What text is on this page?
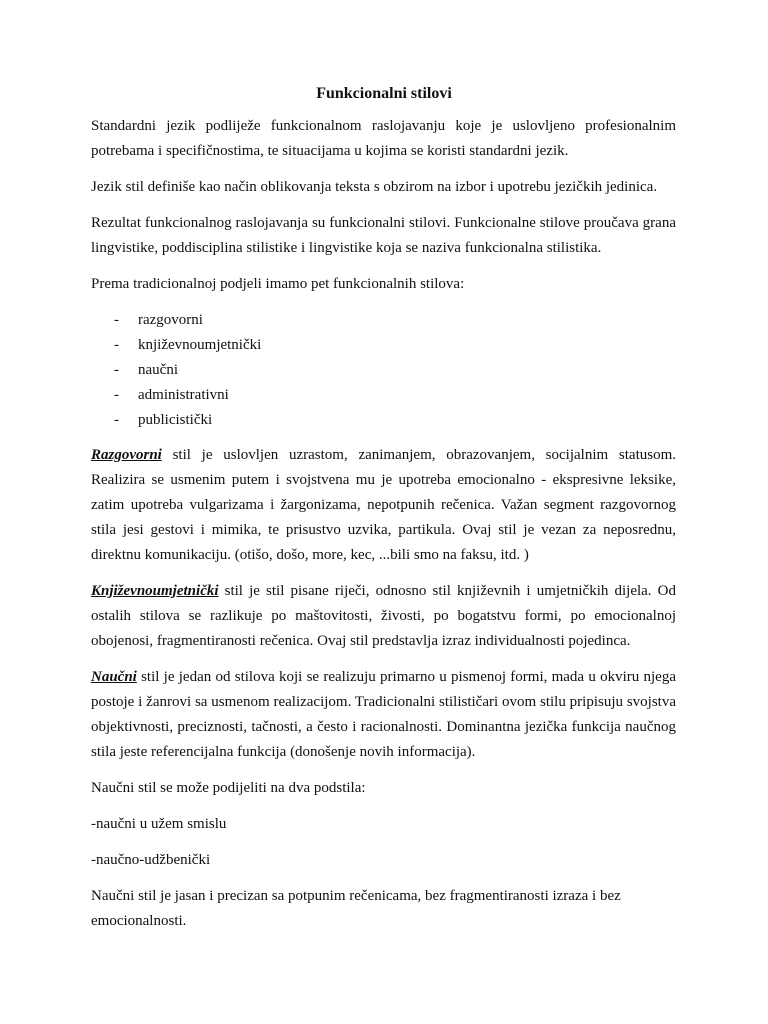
Funkcionalni stilovi

Standardni jezik podliježe funkcionalnom raslojavanju koje je uslovljeno profesionalnim potrebama i specifičnostima, te situacijama u kojima se koristi standardni jezik.

Jezik stil definiše kao način oblikovanja teksta s obzirom na izbor i upotrebu jezičkih jedinica.

Rezultat funkcionalnog raslojavanja su funkcionalni stilovi. Funkcionalne stilove proučava grana lingvistike, poddisciplina stilistike i lingvistike koja se naziva funkcionalna stilistika.

Prema tradicionalnoj podjeli imamo pet funkcionalnih stilova:

- razgovorni
- književnoumjetnički
- naučni
- administrativni
- publicistički

Razgovorni stil je uslovljen uzrastom, zanimanjem, obrazovanjem, socijalnim statusom. Realizira se usmenim putem i svojstvena mu je upotreba emocionalno - ekspresivne leksike, zatim upotreba vulgarizama i žargonizama, nepotpunih rečenica. Važan segment razgovornog stila jesi gestovi i mimika, te prisustvo uzvika, partikula. Ovaj stil je vezan za neposrednu, direktnu komunikaciju. (otišo, došo, more, kec, ...bili smo na faksu, itd. )

Književnoumjetnički stil je stil pisane riječi, odnosno stil književnih i umjetničkih dijela. Od ostalih stilova se razlikuje po maštovitosti, živosti, po bogatstvu formi, po emocionalnoj obojenosi, fragmentiranosti rečenica. Ovaj stil predstavlja izraz individualnosti pojedinca.

Naučni stil je jedan od stilova koji se realizuju primarno u pismenoj formi, mada u okviru njega postoje i žanrovi sa usmenom realizacijom. Tradicionalni stilističari ovom stilu pripisuju svojstva objektivnosti, preciznosti, tačnosti, a često i racionalnosti. Dominantna jezička funkcija naučnog stila jeste referencijalna funkcija (donošenje novih informacija).

Naučni stil se može podijeliti na dva podstila:

-naučni u užem smislu

-naučno-udžbenički

Naučni stil je jasan i precizan sa potpunim rečenicama, bez fragmentiranosti izraza i bez emocionalnosti.
